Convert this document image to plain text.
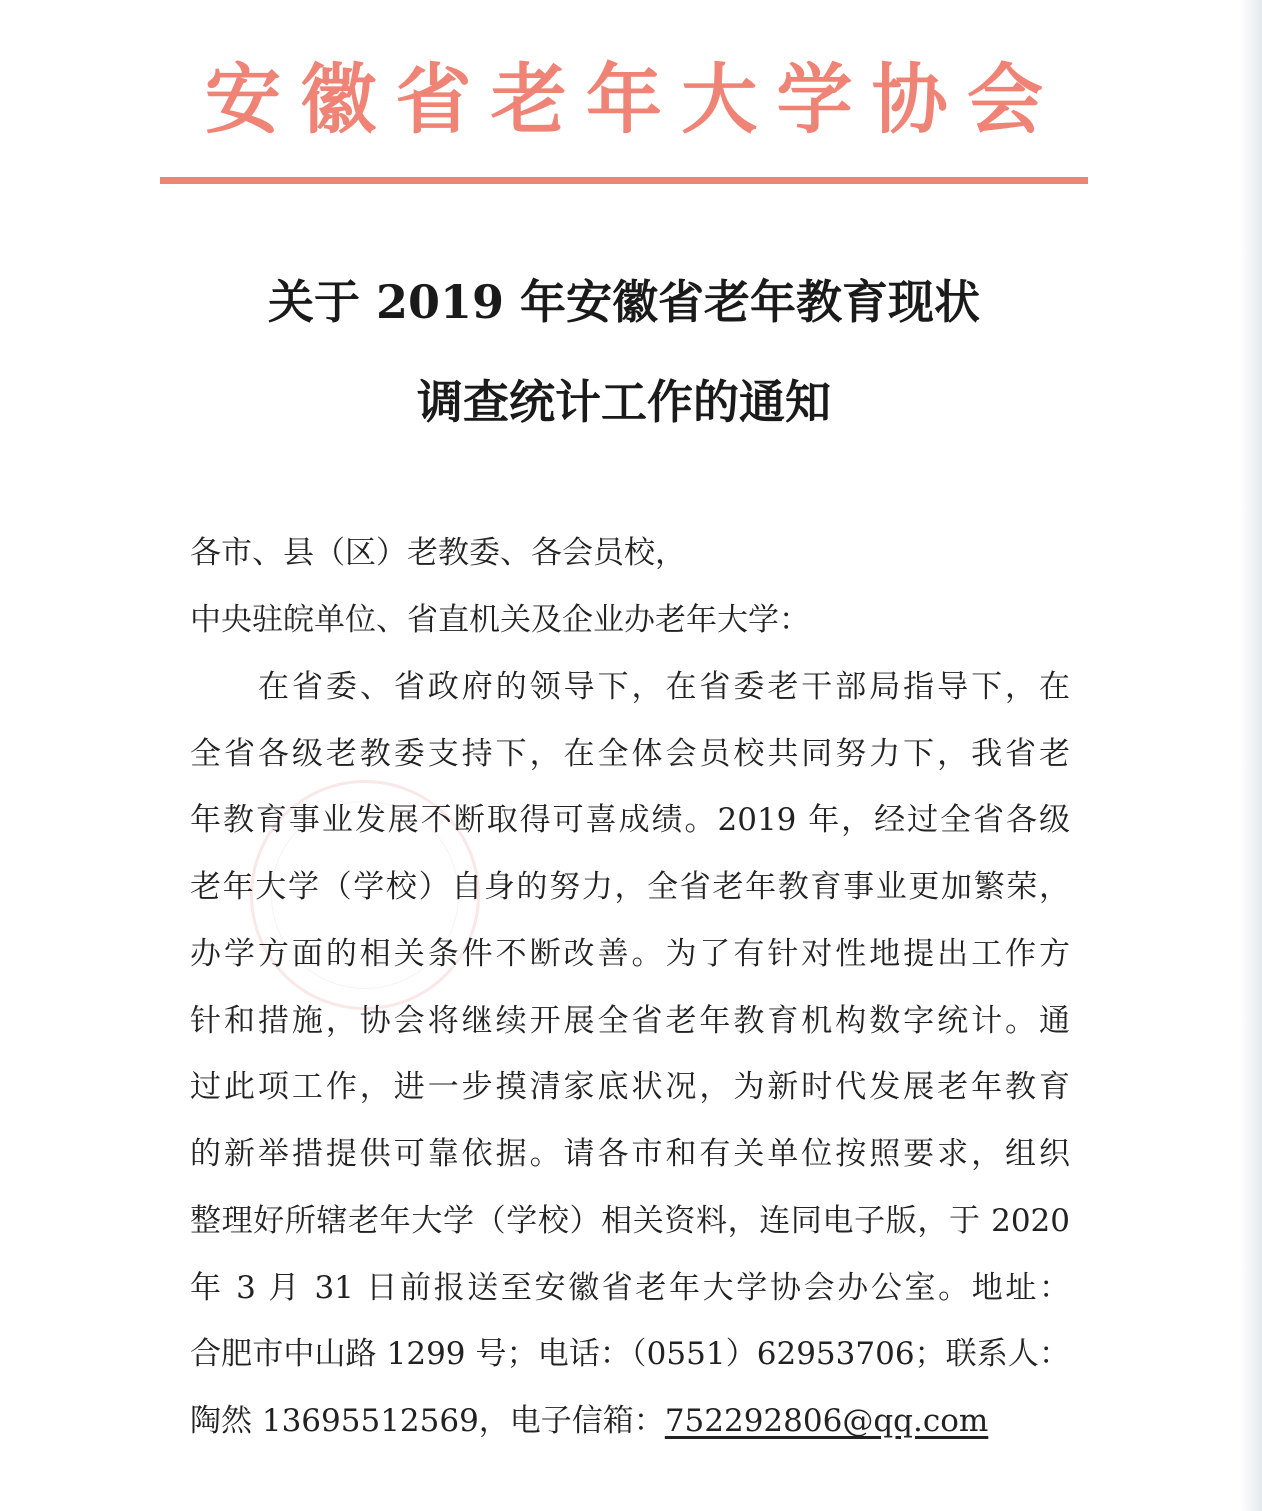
安 徽 省 老 年 大 学 协 会
关于 2019 年安徽省老年教育现状
调查统计工作的通知
各市、县（区）老教委、各会员校，
中央驻皖单位、省直机关及企业办老年大学：
在省委、省政府的领导下，在省委老干部局指导下，在
全省各级老教委支持下，在全体会员校共同努力下，我省老
年教育事业发展不断取得可喜成绩。2019 年，经过全省各级
老年大学（学校）自身的努力，全省老年教育事业更加繁荣，
办学方面的相关条件不断改善。为了有针对性地提出工作方
针和措施，协会将继续开展全省老年教育机构数字统计。通
过此项工作，进一步摸清家底状况，为新时代发展老年教育
的新举措提供可靠依据。请各市和有关单位按照要求，组织
整理好所辖老年大学（学校）相关资料，连同电子版，于 2020
年 3 月 31 日前报送至安徽省老年大学协会办公室。地址：
合肥市中山路 1299 号；电话：（0551）62953706；联系人：
陶然 13695512569，电子信箱：752292806@qq.com
